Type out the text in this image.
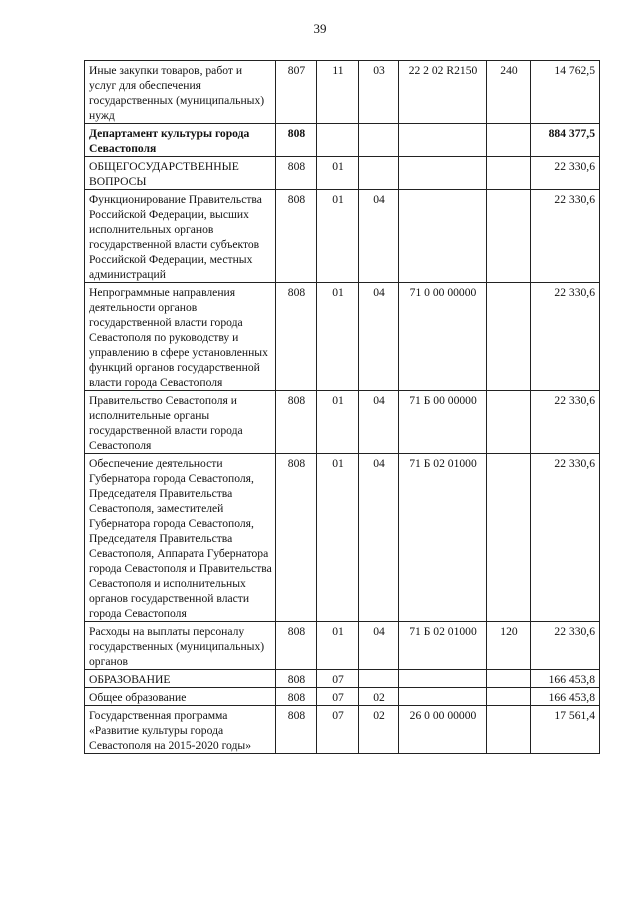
39
Иные закупки товаров, работ и услуг для обеспечения государственных (муниципальных) нужд	807	11	03	22 2 02 R2150	240	14 762,5
Департамент культуры города Севастополя	808					884 377,5
ОБЩЕГОСУДАРСТВЕННЫЕ ВОПРОСЫ	808	01				22 330,6
Функционирование Правительства Российской Федерации, высших исполнительных органов государственной власти субъектов Российской Федерации, местных администраций	808	01	04			22 330,6
Непрограммные направления деятельности органов государственной власти города Севастополя по руководству и управлению в сфере установленных функций органов государственной власти города Севастополя	808	01	04	71 0 00 00000		22 330,6
Правительство Севастополя и исполнительные органы государственной власти города Севастополя	808	01	04	71 Б 00 00000		22 330,6
Обеспечение деятельности Губернатора города Севастополя, Председателя Правительства Севастополя, заместителей Губернатора города Севастополя, Председателя Правительства Севастополя, Аппарата Губернатора города Севастополя и Правительства Севастополя и исполнительных органов государственной власти города Севастополя	808	01	04	71 Б 02 01000		22 330,6
Расходы на выплаты персоналу государственных (муниципальных) органов	808	01	04	71 Б 02 01000	120	22 330,6
ОБРАЗОВАНИЕ	808	07				166 453,8
Общее образование	808	07	02			166 453,8
Государственная программа «Развитие культуры города Севастополя на 2015-2020 годы»	808	07	02	26 0 00 00000		17 561,4
